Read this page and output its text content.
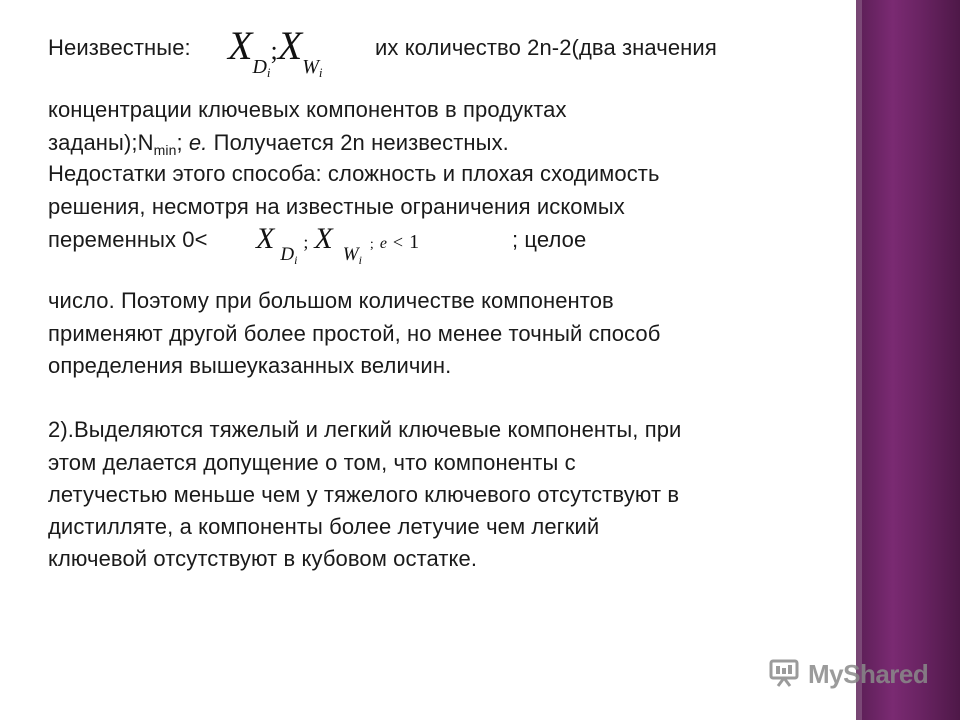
Неизвестные: $XD_i;XW_i$
их количество 2n-2(два значения
концентрации ключевых компонентов в продуктах
$заданы);N_{min}$; e. Получается 2n неизвестных.
Недостатки этого способа: сложность и плохая сходимость
решения, несмотря на известные ограничения искомых
переменных 0< X $D_i$; X $W_i$; e < 1	; целое
число. Поэтому при большом количестве компонентов
применяют другой более простой, но менее точный способ
определения вышеуказанных величин.
2).Выделяются тяжелый и легкий ключевые компоненты, при
этом делается допущение о том, что компоненты с
летучестью меньше чем у тяжелого ключевого отсутствуют в
дистилляте, а компоненты более летучие чем легкий
ключевой отсутствуют в кубовом остатке.
MyShared
